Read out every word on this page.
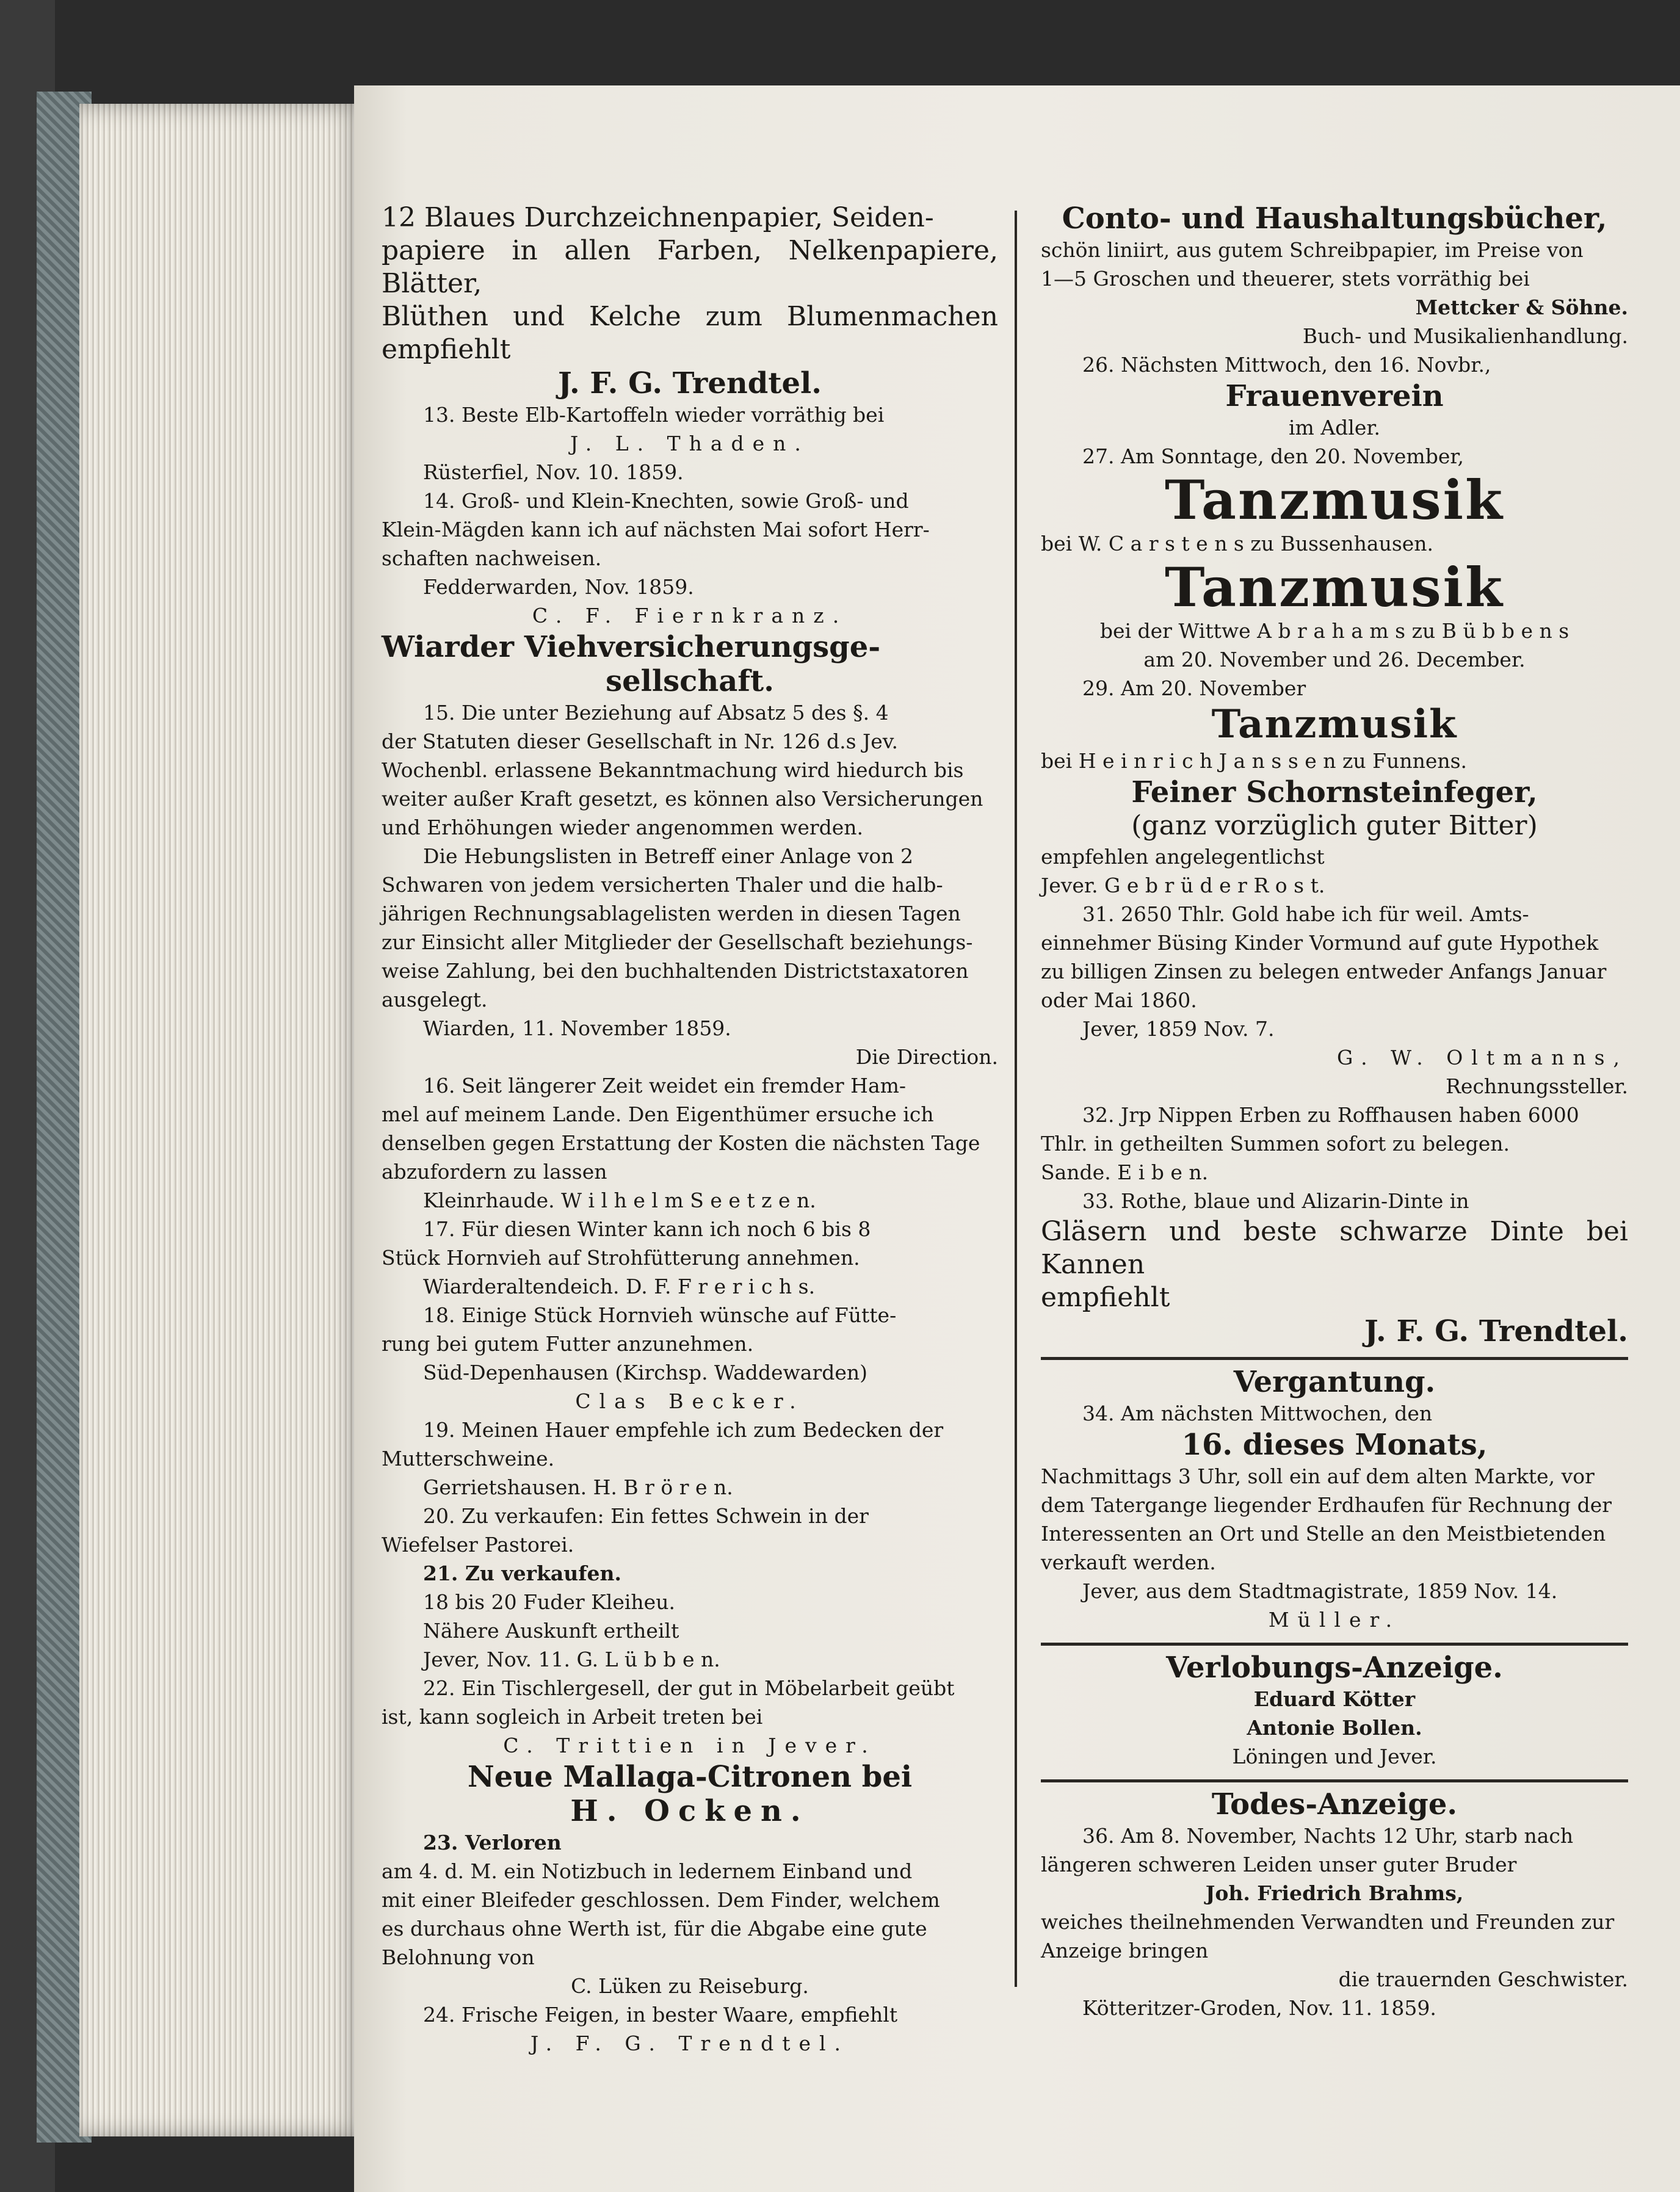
12 Blaues Durchzeichnenpapier, Seiden-
papiere in allen Farben, Nelkenpapiere, Blätter,
Blüthen und Kelche zum Blumenmachen empfiehlt
J. F. G. Trendtel.
13. Beste Elb-Kartoffeln wieder vorräthig bei
J. L. Thaden.
Rüsterfiel, Nov. 10. 1859.
14. Groß- und Klein-Knechten, sowie Groß- und
Klein-Mägden kann ich auf nächsten Mai sofort Herr-
schaften nachweisen.
Fedderwarden, Nov. 1859.
C. F. Fiernkranz.
Wiarder Viehversicherungsge-
sellschaft.
15. Die unter Beziehung auf Absatz 5 des §. 4
der Statuten dieser Gesellschaft in Nr. 126 d.s Jev.
Wochenbl. erlassene Bekanntmachung wird hiedurch bis
weiter außer Kraft gesetzt, es können also Versicherungen
und Erhöhungen wieder angenommen werden.
Die Hebungslisten in Betreff einer Anlage von 2
Schwaren von jedem versicherten Thaler und die halb-
jährigen Rechnungsablagelisten werden in diesen Tagen
zur Einsicht aller Mitglieder der Gesellschaft beziehungs-
weise Zahlung, bei den buchhaltenden Districtstaxatoren
ausgelegt.
Wiarden, 11. November 1859.
Die Direction.
16. Seit längerer Zeit weidet ein fremder Ham-
mel auf meinem Lande. Den Eigenthümer ersuche ich
denselben gegen Erstattung der Kosten die nächsten Tage
abzufordern zu lassen
Kleinrhaude. W i l h e l m S e e t z e n.
17. Für diesen Winter kann ich noch 6 bis 8
Stück Hornvieh auf Strohfütterung annehmen.
Wiarderaltendeich. D. F. F r e r i c h s.
18. Einige Stück Hornvieh wünsche auf Fütte-
rung bei gutem Futter anzunehmen.
Süd-Depenhausen (Kirchsp. Waddewarden)
Clas Becker.
19. Meinen Hauer empfehle ich zum Bedecken der
Mutterschweine.
Gerrietshausen. H. B r ö r e n.
20. Zu verkaufen: Ein fettes Schwein in der
Wiefelser Pastorei.
21. Zu verkaufen.
18 bis 20 Fuder Kleiheu.
Nähere Auskunft ertheilt
Jever, Nov. 11. G. L ü b b e n.
22. Ein Tischlergesell, der gut in Möbelarbeit geübt
ist, kann sogleich in Arbeit treten bei
C. Trittien in Jever.
Neue Mallaga-Citronen bei
H. Ocken.
23. Verloren
am 4. d. M. ein Notizbuch in ledernem Einband und
mit einer Bleifeder geschlossen. Dem Finder, welchem
es durchaus ohne Werth ist, für die Abgabe eine gute
Belohnung von
C. Lüken zu Reiseburg.
24. Frische Feigen, in bester Waare, empfiehlt
J. F. G. Trendtel.
Conto- und Haushaltungsbücher,
schön liniirt, aus gutem Schreibpapier, im Preise von
1—5 Groschen und theuerer, stets vorräthig bei
Mettcker & Söhne.
Buch- und Musikalienhandlung.
26. Nächsten Mittwoch, den 16. Novbr.,
Frauenverein
im Adler.
27. Am Sonntage, den 20. November,
Tanzmusik
bei W. C a r s t e n s zu Bussenhausen.
Tanzmusik
bei der Wittwe A b r a h a m s zu B ü b b e n s
am 20. November und 26. December.
29. Am 20. November
Tanzmusik
bei H e i n r i c h J a n s s e n zu Funnens.
Feiner Schornsteinfeger,
(ganz vorzüglich guter Bitter)
empfehlen angelegentlichst
Jever. G e b r ü d e r R o s t.
31. 2650 Thlr. Gold habe ich für weil. Amts-
einnehmer Büsing Kinder Vormund auf gute Hypothek
zu billigen Zinsen zu belegen entweder Anfangs Januar
oder Mai 1860.
Jever, 1859 Nov. 7.
G. W. Oltmanns,
Rechnungssteller.
32. Jrp Nippen Erben zu Roffhausen haben 6000
Thlr. in getheilten Summen sofort zu belegen.
Sande. E i b e n.
33. Rothe, blaue und Alizarin-Dinte in
Gläsern und beste schwarze Dinte bei Kannen
empfiehlt
J. F. G. Trendtel.
Vergantung.
34. Am nächsten Mittwochen, den
16. dieses Monats,
Nachmittags 3 Uhr, soll ein auf dem alten Markte, vor
dem Tatergange liegender Erdhaufen für Rechnung der
Interessenten an Ort und Stelle an den Meistbietenden
verkauft werden.
Jever, aus dem Stadtmagistrate, 1859 Nov. 14.
Müller.
Verlobungs-Anzeige.
Eduard Kötter
Antonie Bollen.
Löningen und Jever.
Todes-Anzeige.
36. Am 8. November, Nachts 12 Uhr, starb nach
längeren schweren Leiden unser guter Bruder
Joh. Friedrich Brahms,
weiches theilnehmenden Verwandten und Freunden zur
Anzeige bringen
die trauernden Geschwister.
Kötteritzer-Groden, Nov. 11. 1859.
